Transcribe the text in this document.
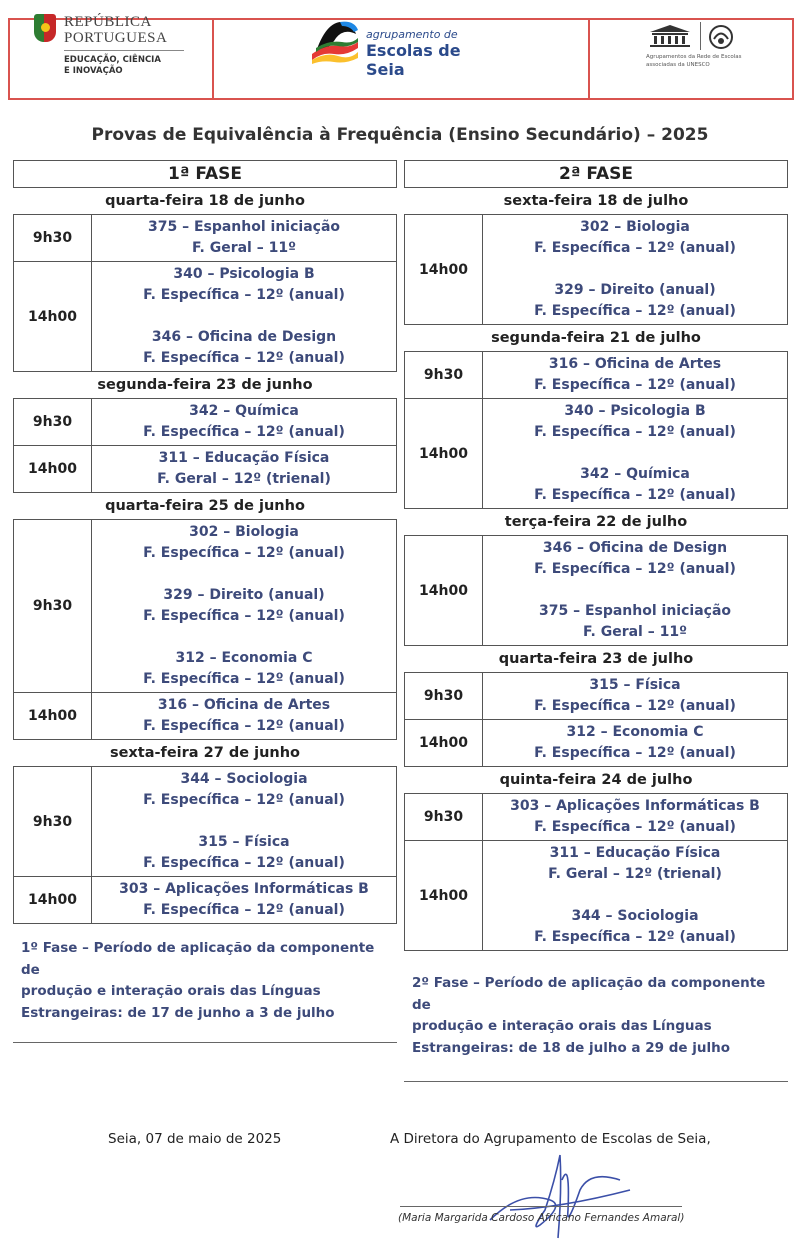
REPÚBLICA
PORTUGUESA
EDUCAÇÃO, CIÊNCIA
E INOVAÇÃO
agrupamento de
Escolas de Seia
Agrupamentos da Rede de Escolas
associadas da UNESCO
Provas de Equivalência à Frequência (Ensino Secundário) – 2025
1ª FASE
quarta-feira 18 de junho
9h30
375 – Espanhol iniciação
F. Geral – 11º
14h00
340 – Psicologia B
F. Específica – 12º (anual)
346 – Oficina de Design
F. Específica – 12º (anual)
segunda-feira 23 de junho
9h30
342 – Química
F. Específica – 12º (anual)
14h00
311 – Educação Física
F. Geral – 12º (trienal)
quarta-feira 25 de junho
9h30
302 – Biologia
F. Específica – 12º (anual)
329 – Direito (anual)
F. Específica – 12º (anual)
312 – Economia C
F. Específica – 12º (anual)
14h00
316 – Oficina de Artes
F. Específica – 12º (anual)
sexta-feira 27 de junho
9h30
344 – Sociologia
F. Específica – 12º (anual)
315 – Física
F. Específica – 12º (anual)
14h00
303 – Aplicações Informáticas B
F. Específica – 12º (anual)
1º Fase – Período de aplicação da componente de
produção e interação orais das Línguas
Estrangeiras: de 17 de junho a 3 de julho
2ª FASE
sexta-feira 18 de julho
14h00
302 – Biologia
F. Específica – 12º (anual)
329 – Direito (anual)
F. Específica – 12º (anual)
segunda-feira 21 de julho
9h30
316 – Oficina de Artes
F. Específica – 12º (anual)
14h00
340 – Psicologia B
F. Específica – 12º (anual)
342 – Química
F. Específica – 12º (anual)
terça-feira 22 de julho
14h00
346 – Oficina de Design
F. Específica – 12º (anual)
375 – Espanhol iniciação
F. Geral – 11º
quarta-feira 23 de julho
9h30
315 – Física
F. Específica – 12º (anual)
14h00
312 – Economia C
F. Específica – 12º (anual)
quinta-feira 24 de julho
9h30
303 – Aplicações Informáticas B
F. Específica – 12º (anual)
14h00
311 – Educação Física
F. Geral – 12º (trienal)
344 – Sociologia
F. Específica – 12º (anual)
2º Fase – Período de aplicação da componente de
produção e interação orais das Línguas
Estrangeiras: de 18 de julho a 29 de julho
Seia, 07 de maio de 2025	A Diretora do Agrupamento de Escolas de Seia,
(Maria Margarida Cardoso Africano Fernandes Amaral)
